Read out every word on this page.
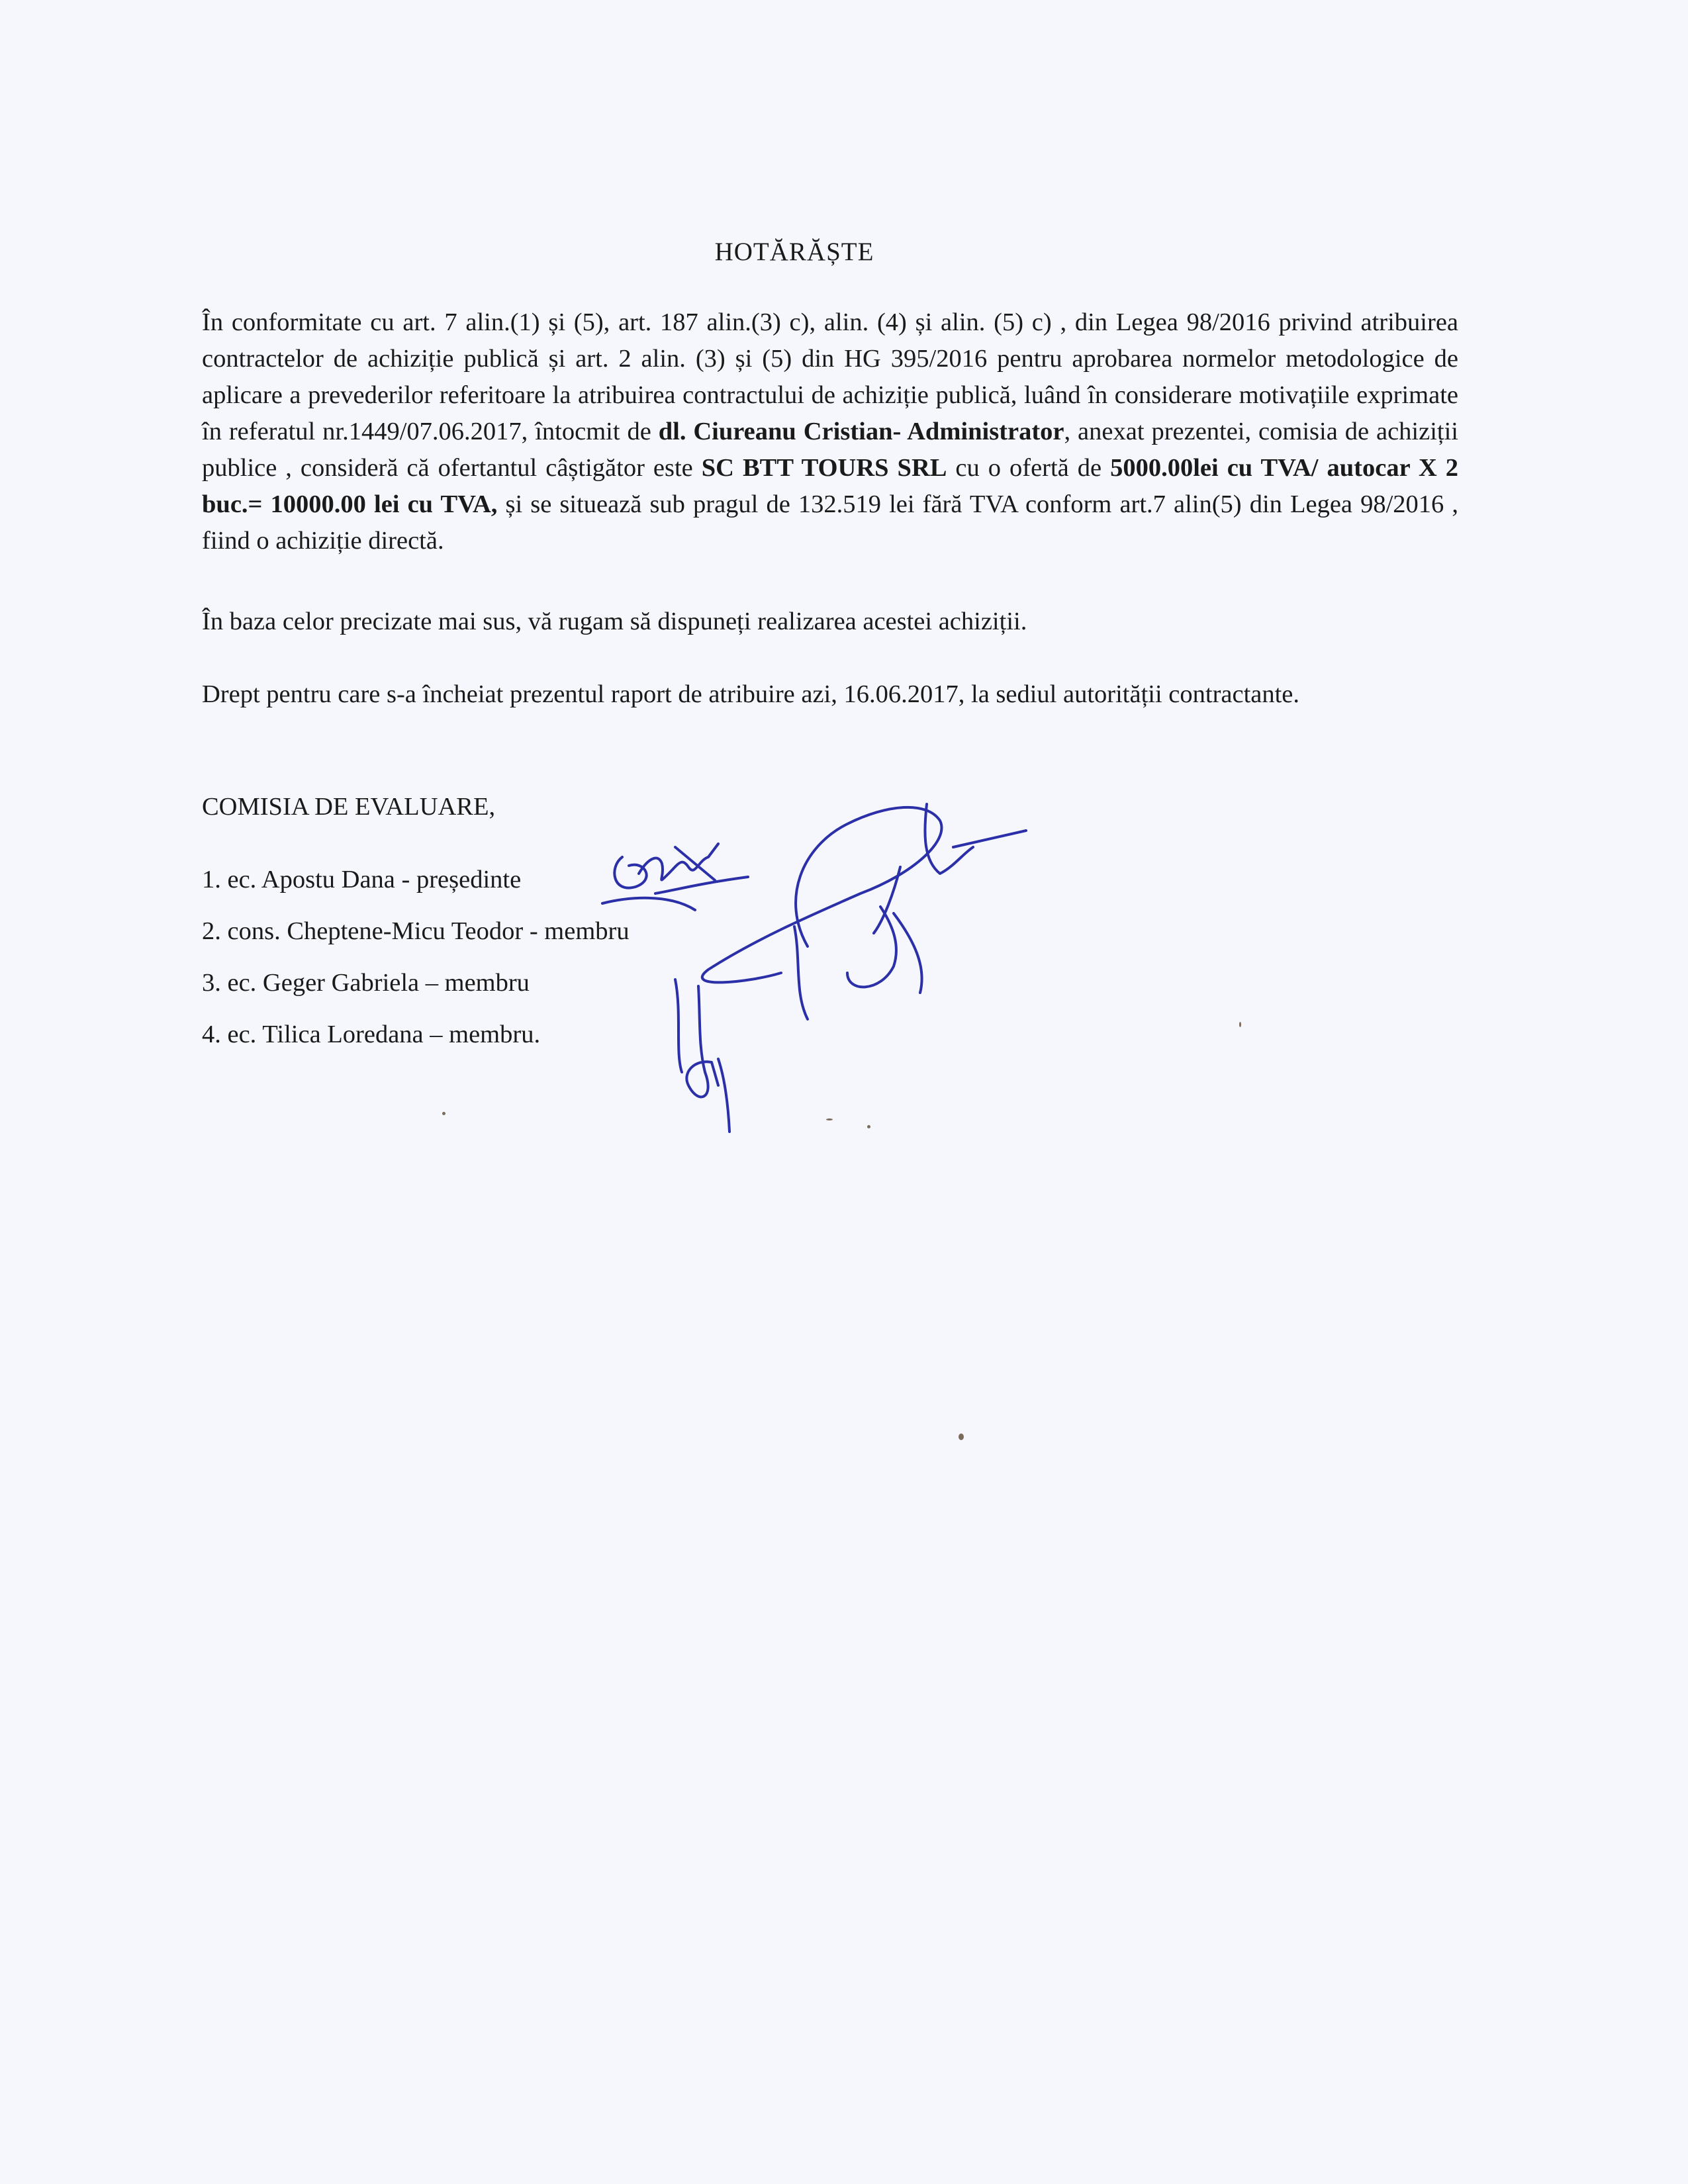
HOTĂRĂȘTE
În conformitate cu art. 7 alin.(1) și (5), art. 187 alin.(3) c), alin. (4) și alin. (5) c) , din Legea 98/2016 privind atribuirea contractelor de achiziție publică și art. 2 alin. (3) și (5) din HG 395/2016 pentru aprobarea normelor metodologice de aplicare a prevederilor referitoare la atribuirea contractului de achiziție publică, luând în considerare motivațiile exprimate în referatul nr.1449/07.06.2017, întocmit de dl. Ciureanu Cristian- Administrator, anexat prezentei, comisia de achiziții publice , consideră că ofertantul câștigător este SC BTT TOURS SRL cu o ofertă de 5000.00lei cu TVA/ autocar X 2 buc.= 10000.00 lei cu TVA, și se situează sub pragul de 132.519 lei fără TVA conform art.7 alin(5) din Legea 98/2016 , fiind o achiziție directă.
În baza celor precizate mai sus, vă rugam să dispuneți realizarea acestei achiziții.
Drept pentru care s-a încheiat prezentul raport de atribuire azi, 16.06.2017, la sediul autorității contractante.
COMISIA DE EVALUARE,
1. ec. Apostu Dana - președinte
2. cons. Cheptene-Micu Teodor - membru
3. ec. Geger Gabriela – membru
4. ec. Tilica Loredana – membru.
